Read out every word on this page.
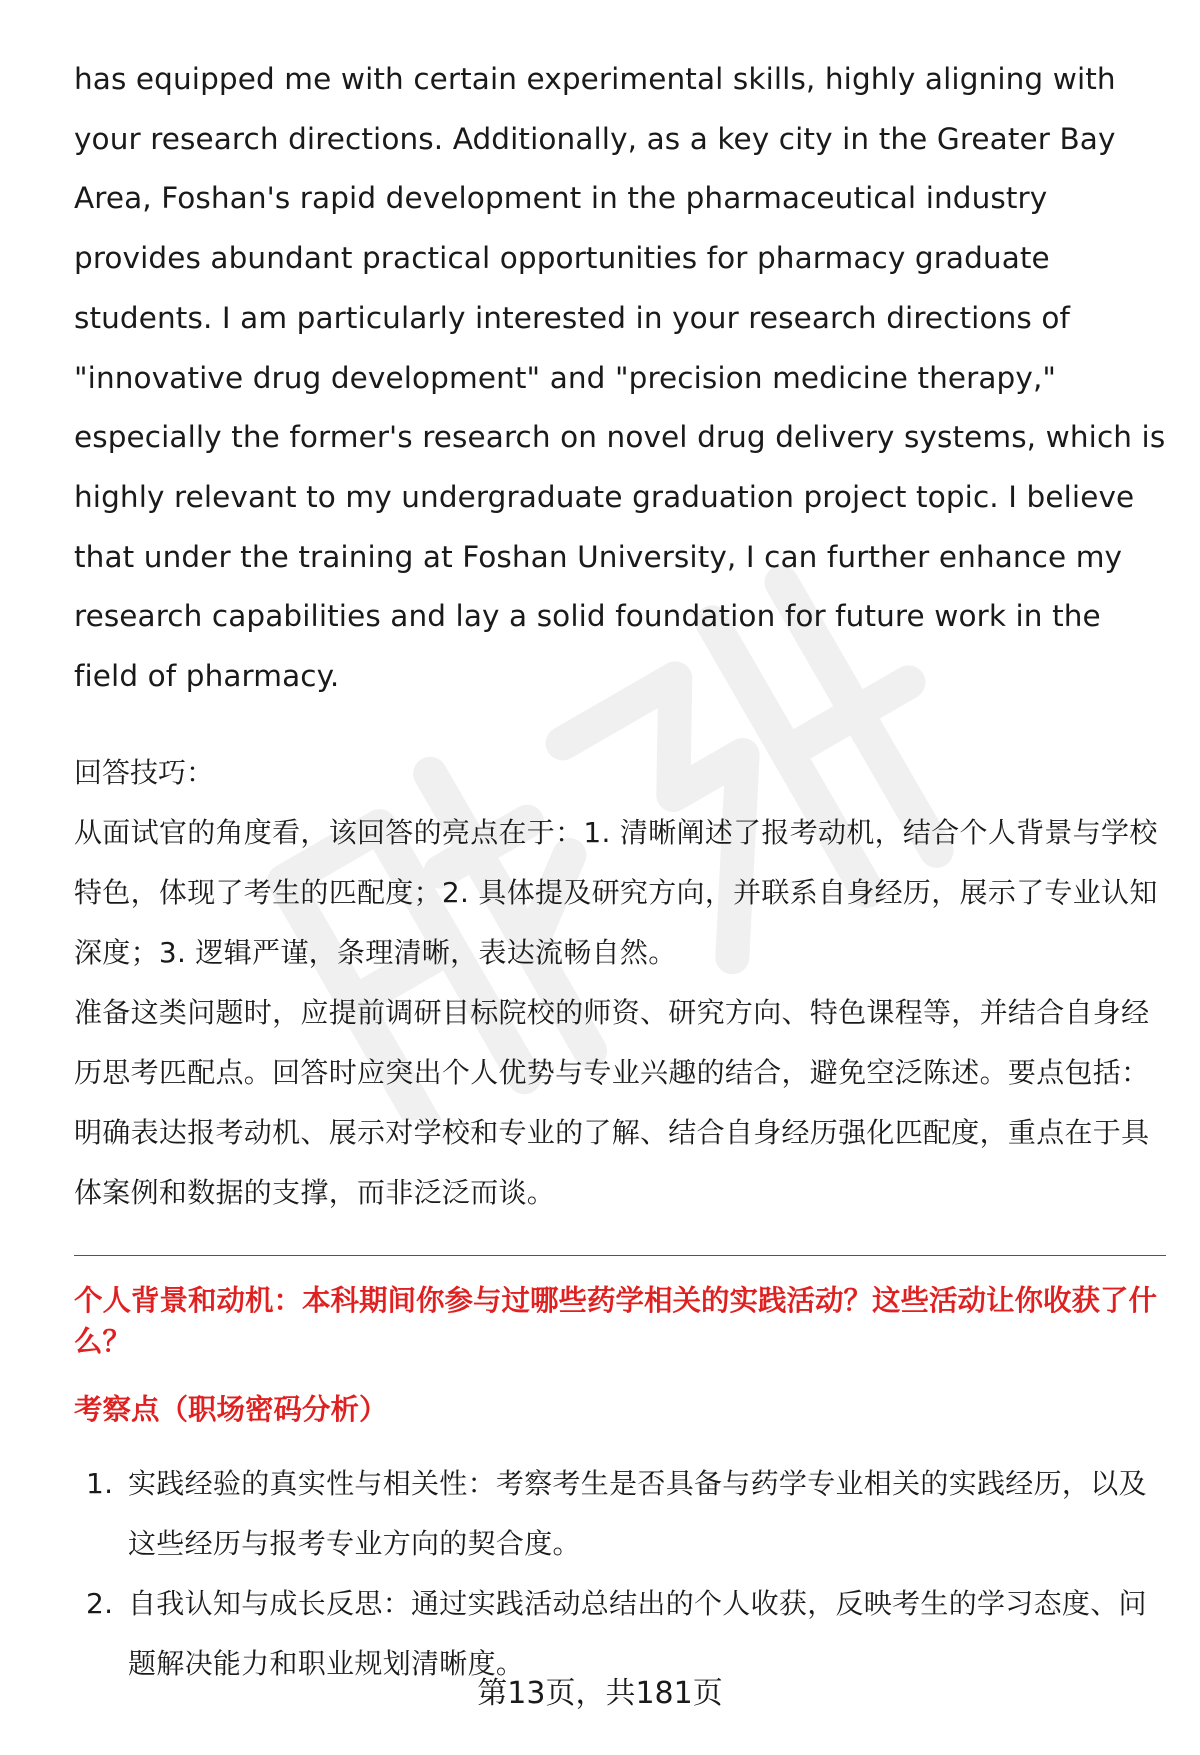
has equipped me with certain experimental skills, highly aligning with your research directions. Additionally, as a key city in the Greater Bay Area, Foshan's rapid development in the pharmaceutical industry provides abundant practical opportunities for pharmacy graduate students. I am particularly interested in your research directions of "innovative drug development" and "precision medicine therapy," especially the former's research on novel drug delivery systems, which is highly relevant to my undergraduate graduation project topic. I believe that under the training at Foshan University, I can further enhance my research capabilities and lay a solid foundation for future work in the field of pharmacy.

回答技巧：

从面试官的角度看，该回答的亮点在于：1. 清晰阐述了报考动机，结合个人背景与学校特色，体现了考生的匹配度；2. 具体提及研究方向，并联系自身经历，展示了专业认知深度；3. 逻辑严谨，条理清晰，表达流畅自然。

准备这类问题时，应提前调研目标院校的师资、研究方向、特色课程等，并结合自身经历思考匹配点。回答时应突出个人优势与专业兴趣的结合，避免空泛陈述。要点包括：明确表达报考动机、展示对学校和专业的了解、结合自身经历强化匹配度，重点在于具体案例和数据的支撑，而非泛泛而谈。

个人背景和动机：本科期间你参与过哪些药学相关的实践活动？这些活动让你收获了什么？

考察点（职场密码分析）

1. 实践经验的真实性与相关性：考察考生是否具备与药学专业相关的实践经历，以及这些经历与报考专业方向的契合度。
2. 自我认知与成长反思：通过实践活动总结出的个人收获，反映考生的学习态度、问题解决能力和职业规划清晰度。
第13页，共181页
